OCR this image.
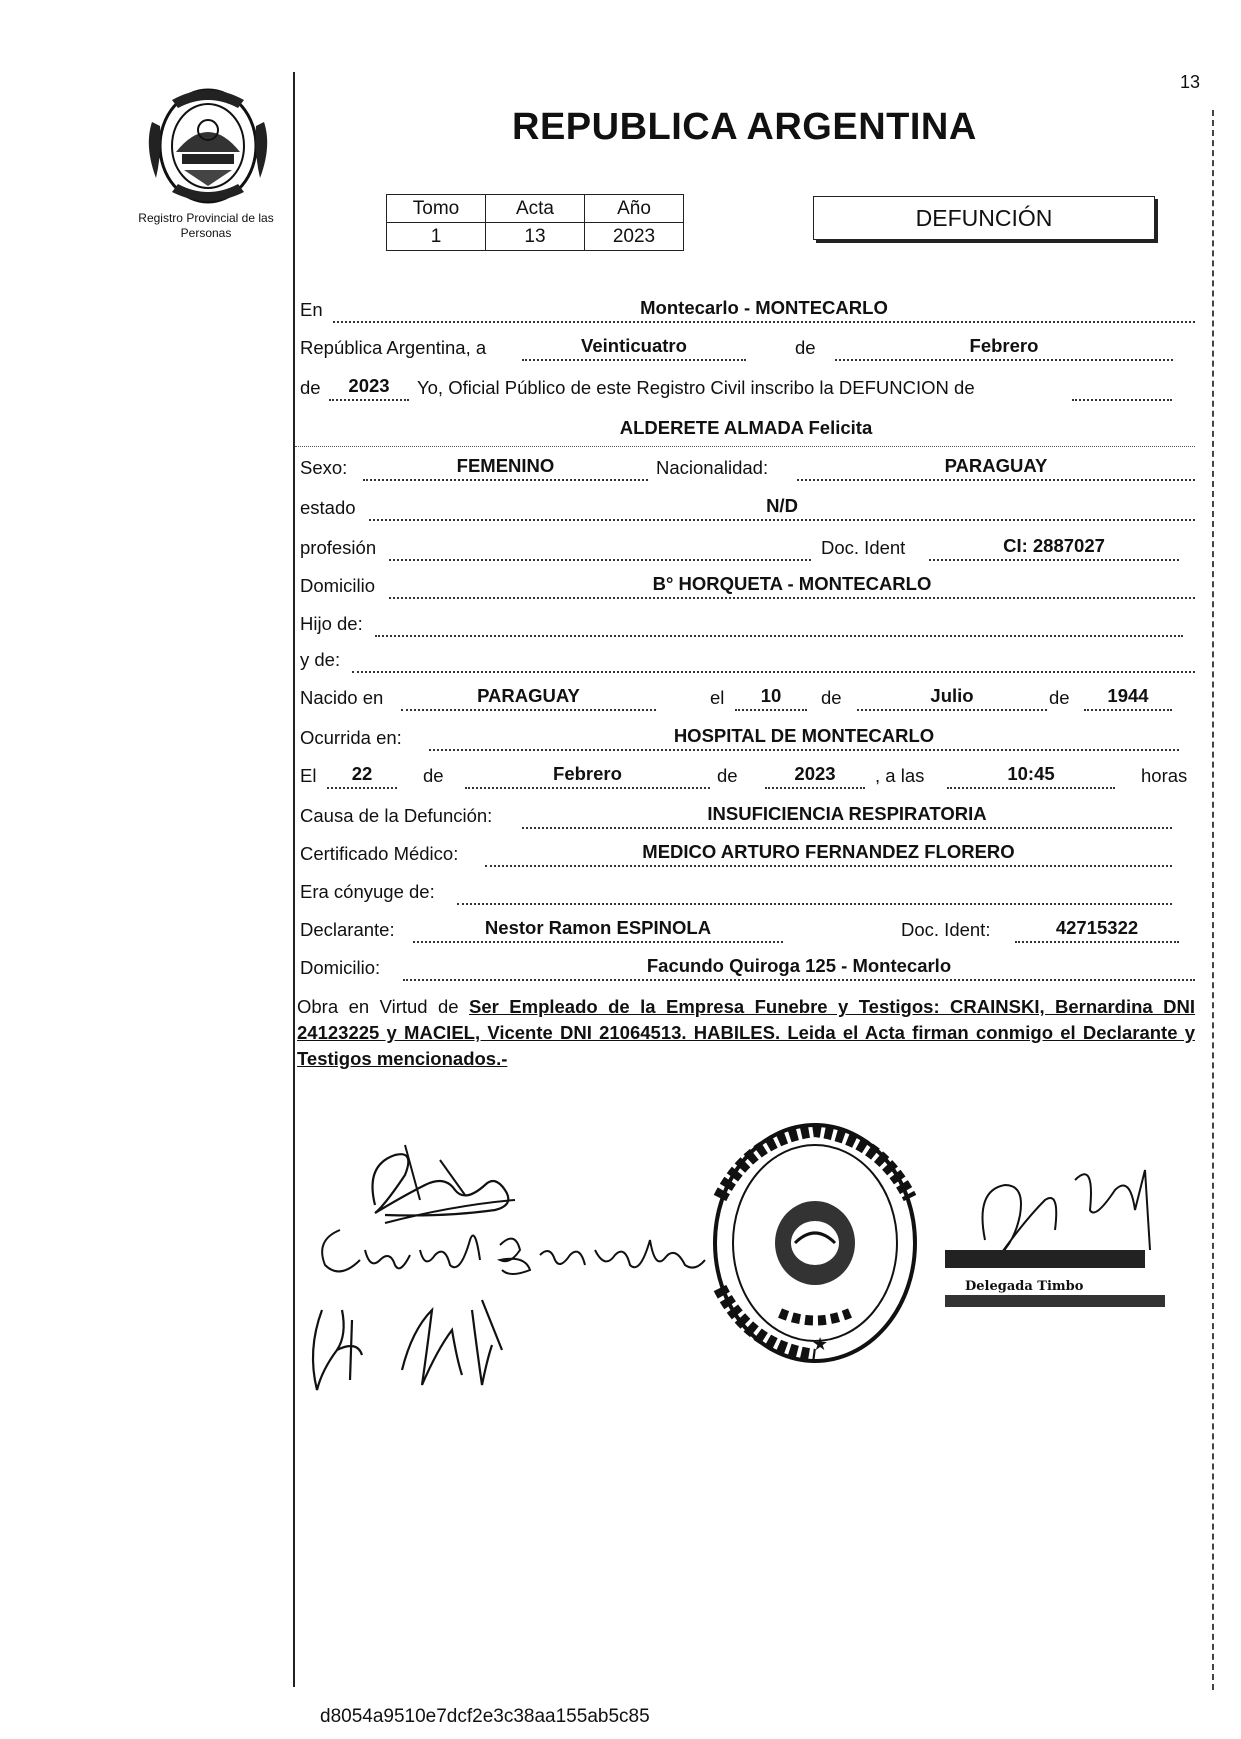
13
Registro Provincial de las Personas
REPUBLICA ARGENTINA
Tomo	Acta	Año
1	13	2023
DEFUNCIÓN
En	Montecarlo - MONTECARLO
República Argentina, a	Veinticuatro	de	Febrero
de	2023	Yo, Oficial Público de este Registro Civil inscribo la DEFUNCION de
ALDERETE ALMADA Felicita
Sexo:	FEMENINO	Nacionalidad:	PARAGUAY
estado	N/D
profesión	Doc. Ident	CI: 2887027
Domicilio	B° HORQUETA - MONTECARLO
Hijo de:
y de:
Nacido en	PARAGUAY	el	10	de	Julio	de	1944
Ocurrida en:	HOSPITAL DE MONTECARLO
El	22	de	Febrero	de	2023	, a las	10:45	horas
Causa de la Defunción:	INSUFICIENCIA RESPIRATORIA
Certificado Médico:	MEDICO ARTURO FERNANDEZ FLORERO
Era cónyuge de:
Declarante:	Nestor Ramon ESPINOLA	Doc. Ident:	42715322
Domicilio:	Facundo Quiroga 125 - Montecarlo
Obra en Virtud de Ser Empleado de la Empresa Funebre y Testigos: CRAINSKI, Bernardina DNI 24123225 y MACIEL, Vicente DNI 21064513. HABILES. Leida el Acta firman conmigo el Declarante y Testigos mencionados.-
★
Delegada Timbo
d8054a9510e7dcf2e3c38aa155ab5c85
